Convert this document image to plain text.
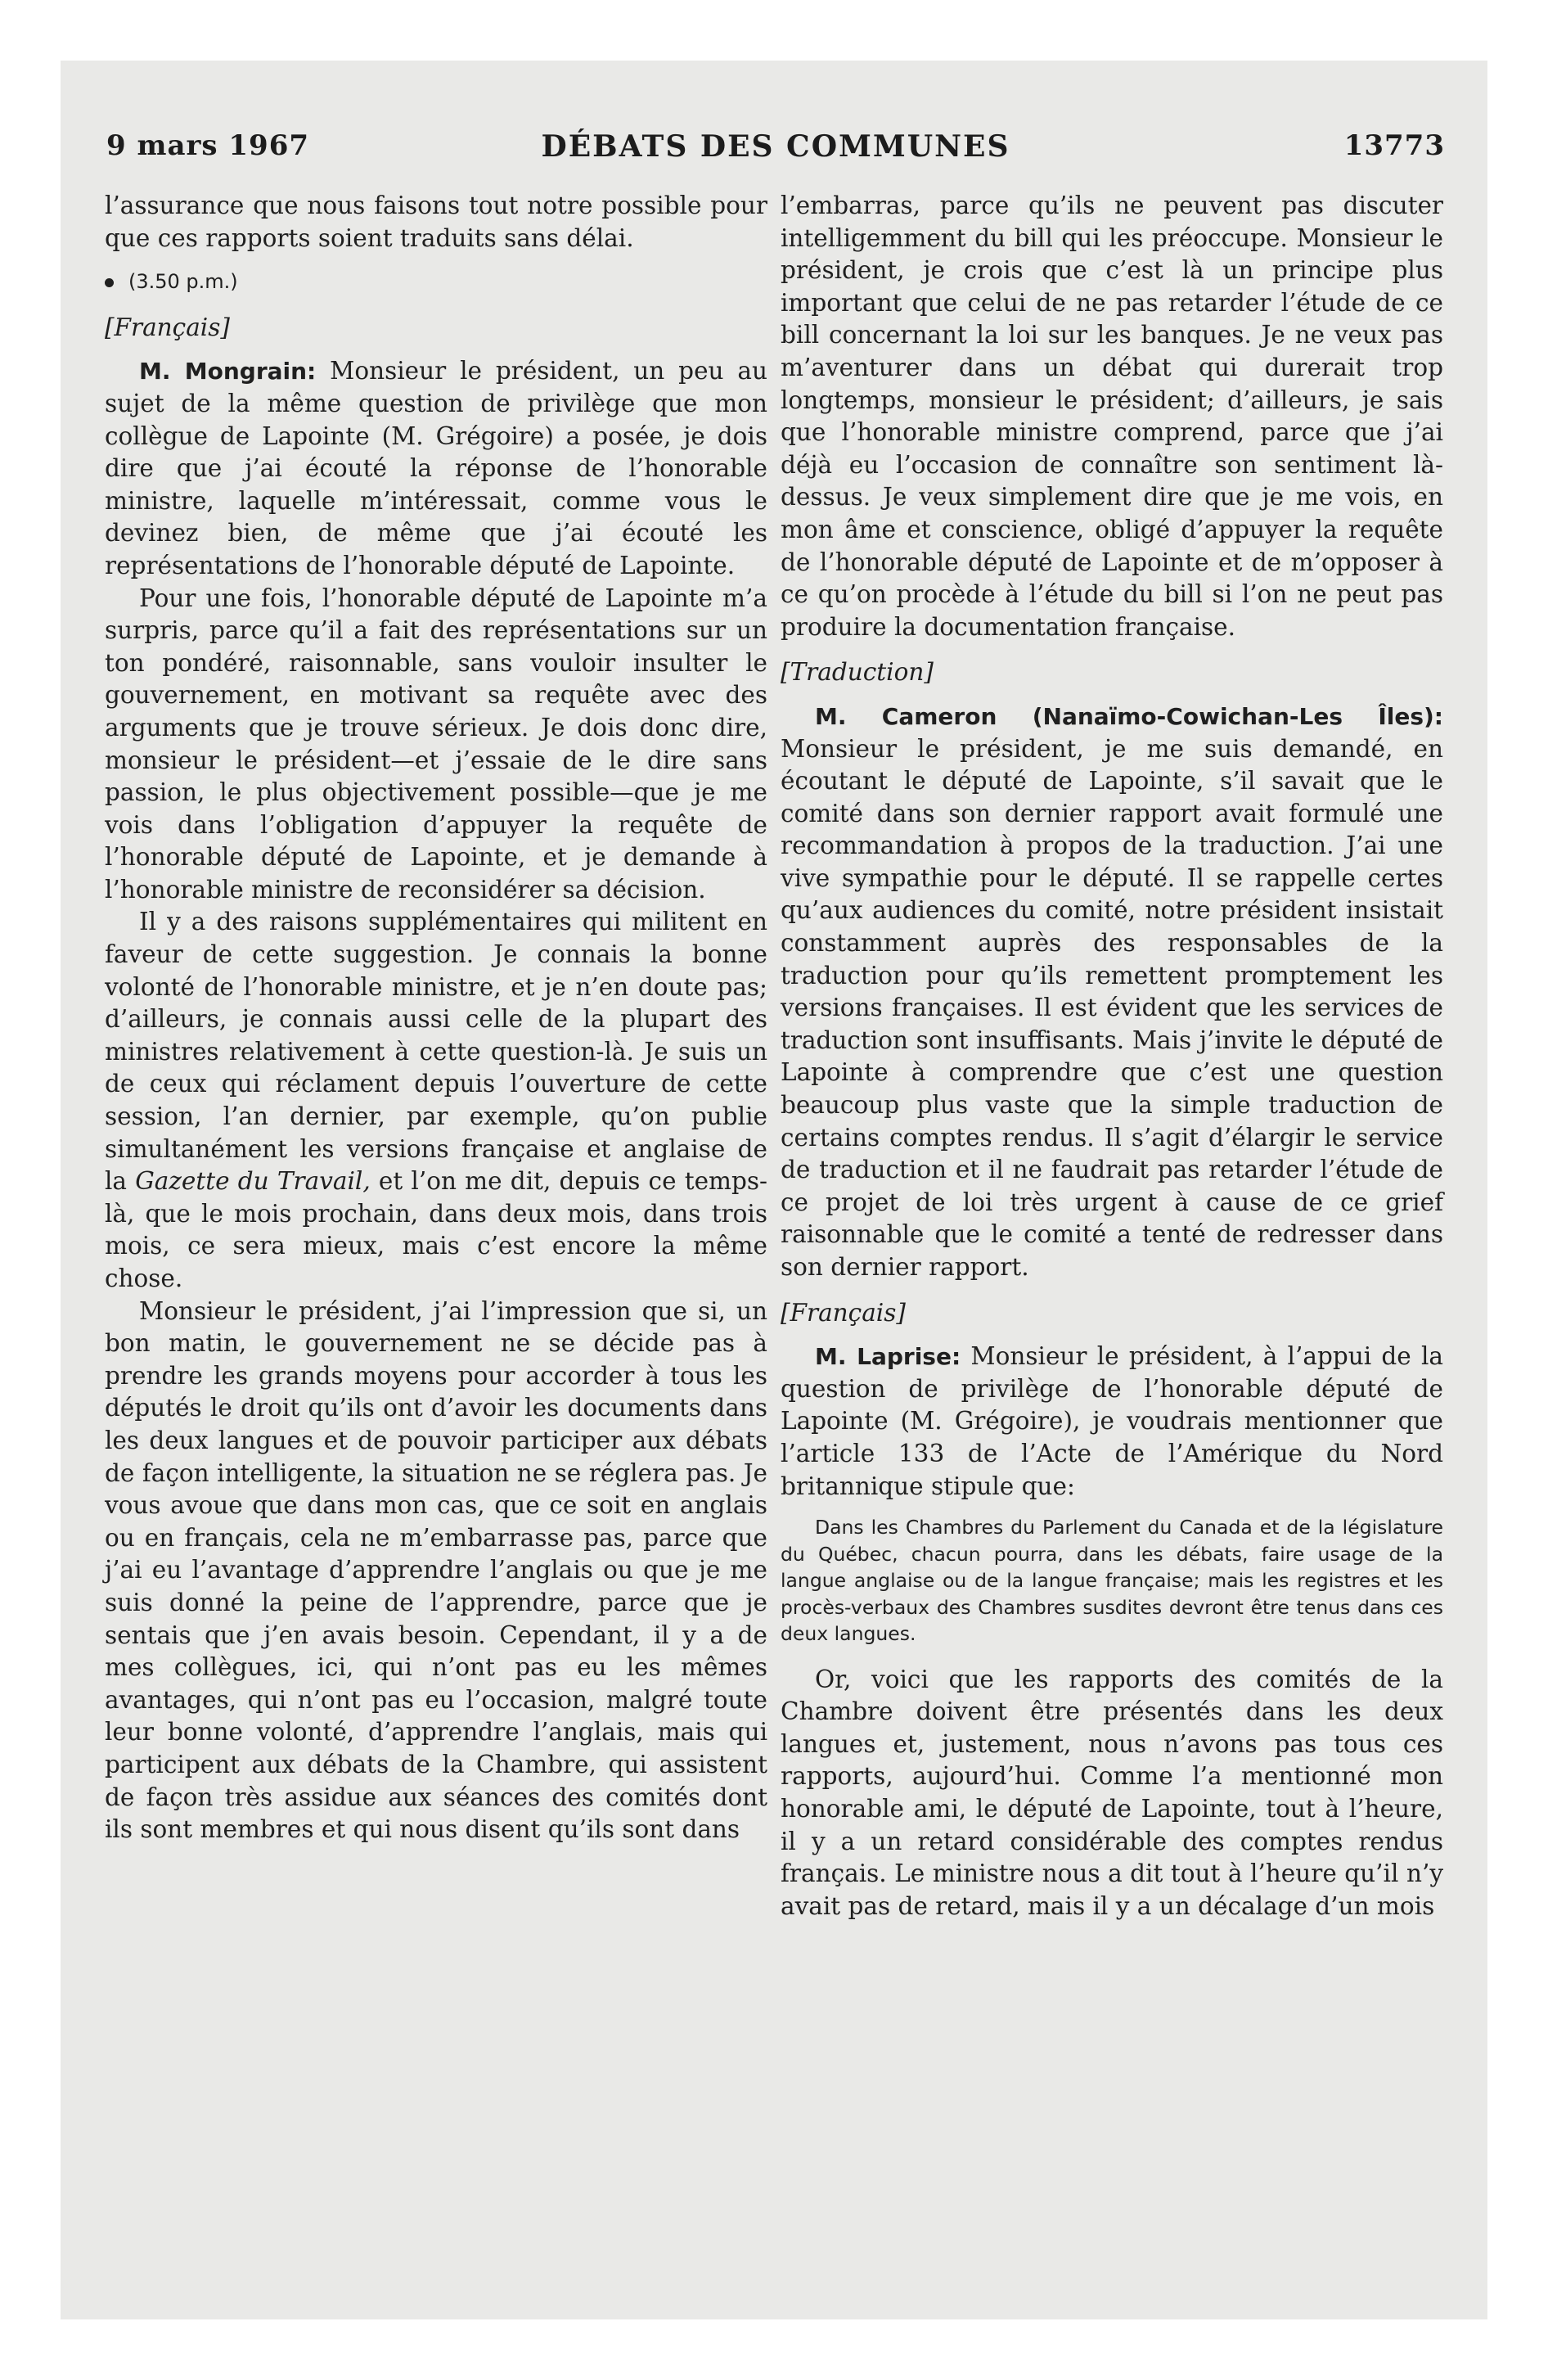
9 mars 1967	DÉBATS DES COMMUNES	13773

l’assurance que nous faisons tout notre possible pour que ces rapports soient traduits sans délai.

(3.50 p.m.)

[Français]

M. Mongrain: Monsieur le président, un peu au sujet de la même question de privilège que mon collègue de Lapointe (M. Grégoire) a posée, je dois dire que j’ai écouté la réponse de l’honorable ministre, laquelle m’intéressait, comme vous le devinez bien, de même que j’ai écouté les représentations de l’honorable député de Lapointe.

Pour une fois, l’honorable député de Lapointe m’a surpris, parce qu’il a fait des représentations sur un ton pondéré, raisonnable, sans vouloir insulter le gouvernement, en motivant sa requête avec des arguments que je trouve sérieux. Je dois donc dire, monsieur le président—et j’essaie de le dire sans passion, le plus objectivement possible—que je me vois dans l’obligation d’appuyer la requête de l’honorable député de Lapointe, et je demande à l’honorable ministre de reconsidérer sa décision.

Il y a des raisons supplémentaires qui militent en faveur de cette suggestion. Je connais la bonne volonté de l’honorable ministre, et je n’en doute pas; d’ailleurs, je connais aussi celle de la plupart des ministres relativement à cette question-là. Je suis un de ceux qui réclament depuis l’ouverture de cette session, l’an dernier, par exemple, qu’on publie simultanément les versions française et anglaise de la Gazette du Travail, et l’on me dit, depuis ce temps-là, que le mois prochain, dans deux mois, dans trois mois, ce sera mieux, mais c’est encore la même chose.

Monsieur le président, j’ai l’impression que si, un bon matin, le gouvernement ne se décide pas à prendre les grands moyens pour accorder à tous les députés le droit qu’ils ont d’avoir les documents dans les deux langues et de pouvoir participer aux débats de façon intelligente, la situation ne se réglera pas. Je vous avoue que dans mon cas, que ce soit en anglais ou en français, cela ne m’embarrasse pas, parce que j’ai eu l’avantage d’apprendre l’anglais ou que je me suis donné la peine de l’apprendre, parce que je sentais que j’en avais besoin. Cependant, il y a de mes collègues, ici, qui n’ont pas eu les mêmes avantages, qui n’ont pas eu l’occasion, malgré toute leur bonne volonté, d’apprendre l’anglais, mais qui participent aux débats de la Chambre, qui assistent de façon très assidue aux séances des comités dont ils sont membres et qui nous disent qu’ils sont dans

l’embarras, parce qu’ils ne peuvent pas discuter intelligemment du bill qui les préoccupe. Monsieur le président, je crois que c’est là un principe plus important que celui de ne pas retarder l’étude de ce bill concernant la loi sur les banques. Je ne veux pas m’aventurer dans un débat qui durerait trop longtemps, monsieur le président; d’ailleurs, je sais que l’honorable ministre comprend, parce que j’ai déjà eu l’occasion de connaître son sentiment là-dessus. Je veux simplement dire que je me vois, en mon âme et conscience, obligé d’appuyer la requête de l’honorable député de Lapointe et de m’opposer à ce qu’on procède à l’étude du bill si l’on ne peut pas produire la documentation française.

[Traduction]

M. Cameron (Nanaïmo-Cowichan-Les Îles): Monsieur le président, je me suis demandé, en écoutant le député de Lapointe, s’il savait que le comité dans son dernier rapport avait formulé une recommandation à propos de la traduction. J’ai une vive sympathie pour le député. Il se rappelle certes qu’aux audiences du comité, notre président insistait constamment auprès des responsables de la traduction pour qu’ils remettent promptement les versions françaises. Il est évident que les services de traduction sont insuffisants. Mais j’invite le député de Lapointe à comprendre que c’est une question beaucoup plus vaste que la simple traduction de certains comptes rendus. Il s’agit d’élargir le service de traduction et il ne faudrait pas retarder l’étude de ce projet de loi très urgent à cause de ce grief raisonnable que le comité a tenté de redresser dans son dernier rapport.

[Français]

M. Laprise: Monsieur le président, à l’appui de la question de privilège de l’honorable député de Lapointe (M. Grégoire), je voudrais mentionner que l’article 133 de l’Acte de l’Amérique du Nord britannique stipule que:

Dans les Chambres du Parlement du Canada et de la législature du Québec, chacun pourra, dans les débats, faire usage de la langue anglaise ou de la langue française; mais les registres et les procès-verbaux des Chambres susdites devront être tenus dans ces deux langues.

Or, voici que les rapports des comités de la Chambre doivent être présentés dans les deux langues et, justement, nous n’avons pas tous ces rapports, aujourd’hui. Comme l’a mentionné mon honorable ami, le député de Lapointe, tout à l’heure, il y a un retard considérable des comptes rendus français. Le ministre nous a dit tout à l’heure qu’il n’y avait pas de retard, mais il y a un décalage d’un mois
